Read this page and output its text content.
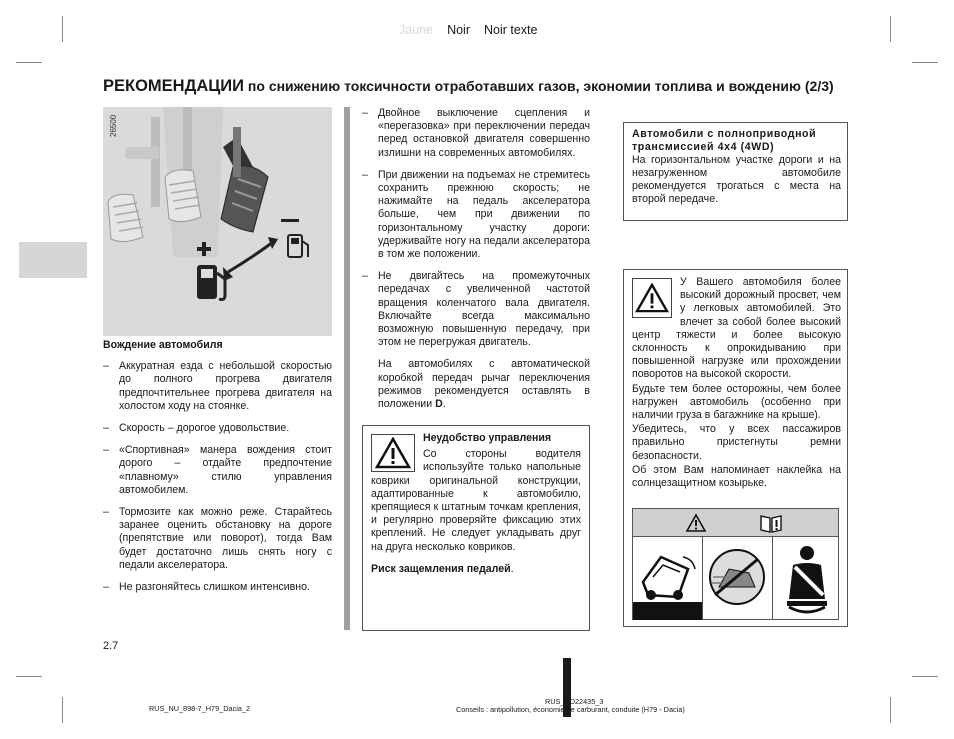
Jaune Noir Noir texte
РЕКОМЕНДАЦИИ по снижению токсичности отработавших газов, экономии топлива и вождению (2/3)
26500
Вождение автомобиля

– Аккуратная езда с небольшой скоростью до полного прогрева двигателя предпочтительнее прогрева двигателя на холостом ходу на стоянке.

– Скорость – дорогое удовольствие.

– «Спортивная» манера вождения стоит дорого – отдайте предпочтение «плавному» стилю управления автомобилем.

– Тормозите как можно реже. Старайтесь заранее оценить обстановку на дороге (препятствие или поворот), тогда Вам будет достаточно лишь снять ногу с педали акселератора.

– Не разгоняйтесь слишком интенсивно.

– Двойное выключение сцепления и «перегазовка» при переключении передач перед остановкой двигателя совершенно излишни на современных автомобилях.

– При движении на подъемах не стремитесь сохранить прежнюю скорость; не нажимайте на педаль акселератора больше, чем при движении по горизонтальному участку дороги: удерживайте ногу на педали акселератора в том же положении.

– Не двигайтесь на промежуточных передачах с увеличенной частотой вращения коленчатого вала двигателя. Включайте всегда максимально возможную повышенную передачу, при этом не перегружая двигатель.

На автомобилях с автоматической коробкой передач рычаг переключения режимов рекомендуется оставлять в положении D.

Неудобство управления
Со стороны водителя используйте только напольные коврики оригинальной конструкции, адаптированные к автомобилю, крепящиеся к штатным точкам крепления, и регулярно проверяйте фиксацию этих креплений. Не следует укладывать друг на друга несколько ковриков.
Риск защемления педалей.
Автомобили с полноприводной трансмиссией 4x4 (4WD)
На горизонтальном участке дороги и на незагруженном автомобиле рекомендуется трогаться с места на второй передаче.

У Вашего автомобиля более высокий дорожный просвет, чем у легковых автомобилей. Это влечет за собой более высокий центр тяжести и более высокую склонность к опрокидыванию при повышенной нагрузке или прохождении поворотов на высокой скорости.

Будьте тем более осторожны, чем более нагружен автомобиль (особенно при наличии груза в багажнике на крыше).

Убедитесь, что у всех пассажиров правильно пристегнуты ремни безопасности.

Об этом Вам напоминает наклейка на солнцезащитном козырьке.

2.7
RUS_NU_898-7_H79_Dacia_2
RUS_UD22435_3
Conseils : antipollution, économie de carburant, conduite (H79 - Dacia)
